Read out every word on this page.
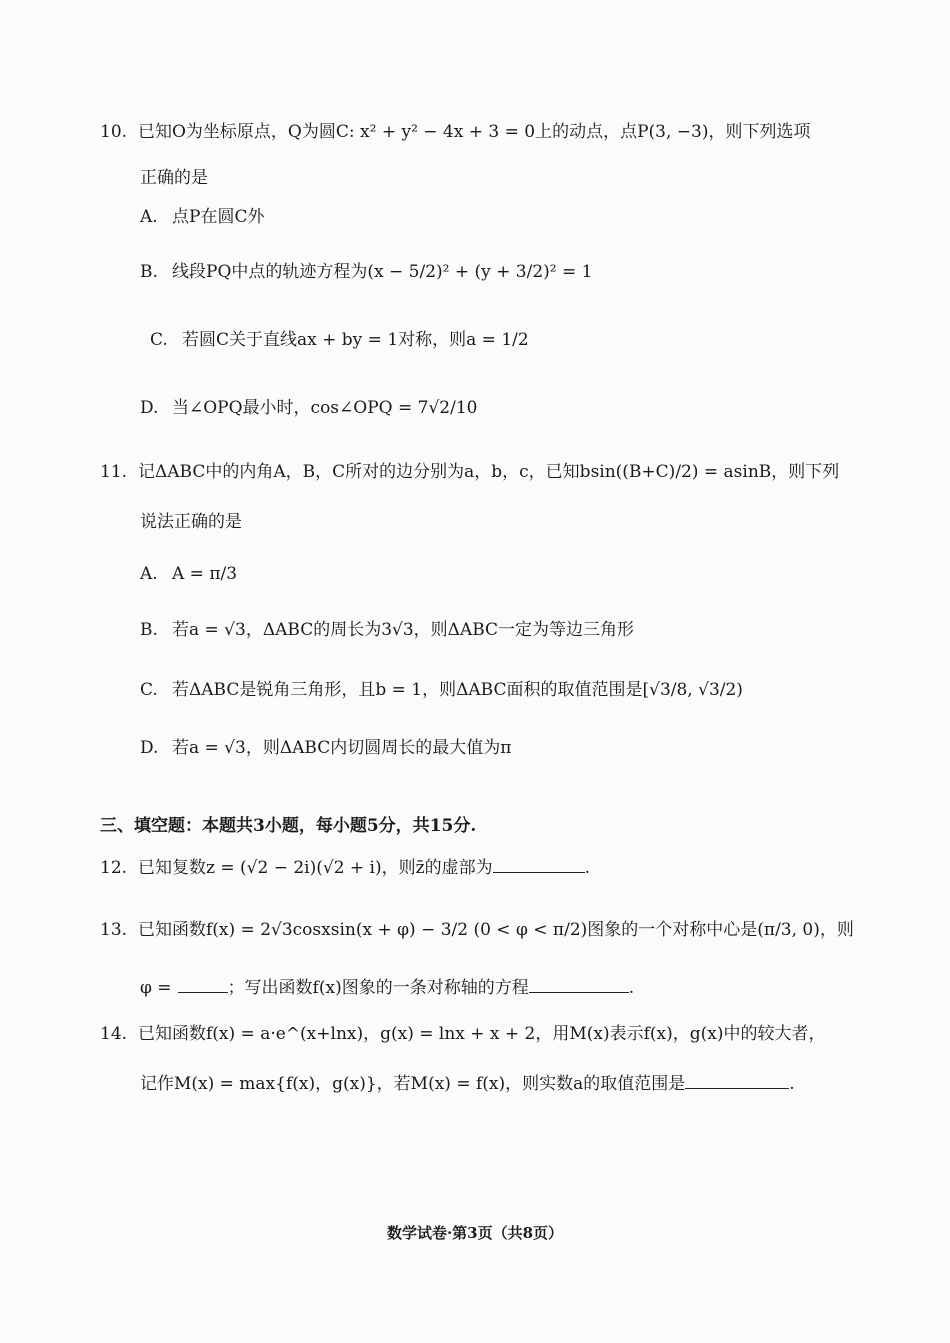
10. 已知O为坐标原点，Q为圆C: x² + y² − 4x + 3 = 0上的动点，点P(3, −3)，则下列选项
正确的是
A. 点P在圆C外
B. 线段PQ中点的轨迹方程为(x − 5/2)² + (y + 3/2)² = 1
C. 若圆C关于直线ax + by = 1对称，则a = 1/2
D. 当∠OPQ最小时，cos∠OPQ = 7√2/10
11. 记ΔABC中的内角A，B，C所对的边分别为a，b，c，已知bsin((B+C)/2) = asinB，则下列
说法正确的是
A. A = π/3
B. 若a = √3，ΔABC的周长为3√3，则ΔABC一定为等边三角形
C. 若ΔABC是锐角三角形，且b = 1，则ΔABC面积的取值范围是[√3/8, √3/2)
D. 若a = √3，则ΔABC内切圆周长的最大值为π
三、填空题：本题共3小题，每小题5分，共15分.
12. 已知复数z = (√2 − 2i)(√2 + i)，则z̄的虚部为	.
13. 已知函数f(x) = 2√3cosxsin(x + φ) − 3/2 (0 < φ < π/2)图象的一个对称中心是(π/3, 0)，则
φ =	；写出函数f(x)图象的一条对称轴的方程	.
14. 已知函数f(x) = a·e^(x+lnx)，g(x) = lnx + x + 2，用M(x)表示f(x)，g(x)中的较大者，
记作M(x) = max{f(x)，g(x)}，若M(x) = f(x)，则实数a的取值范围是	.
数学试卷·第3页（共8页）
